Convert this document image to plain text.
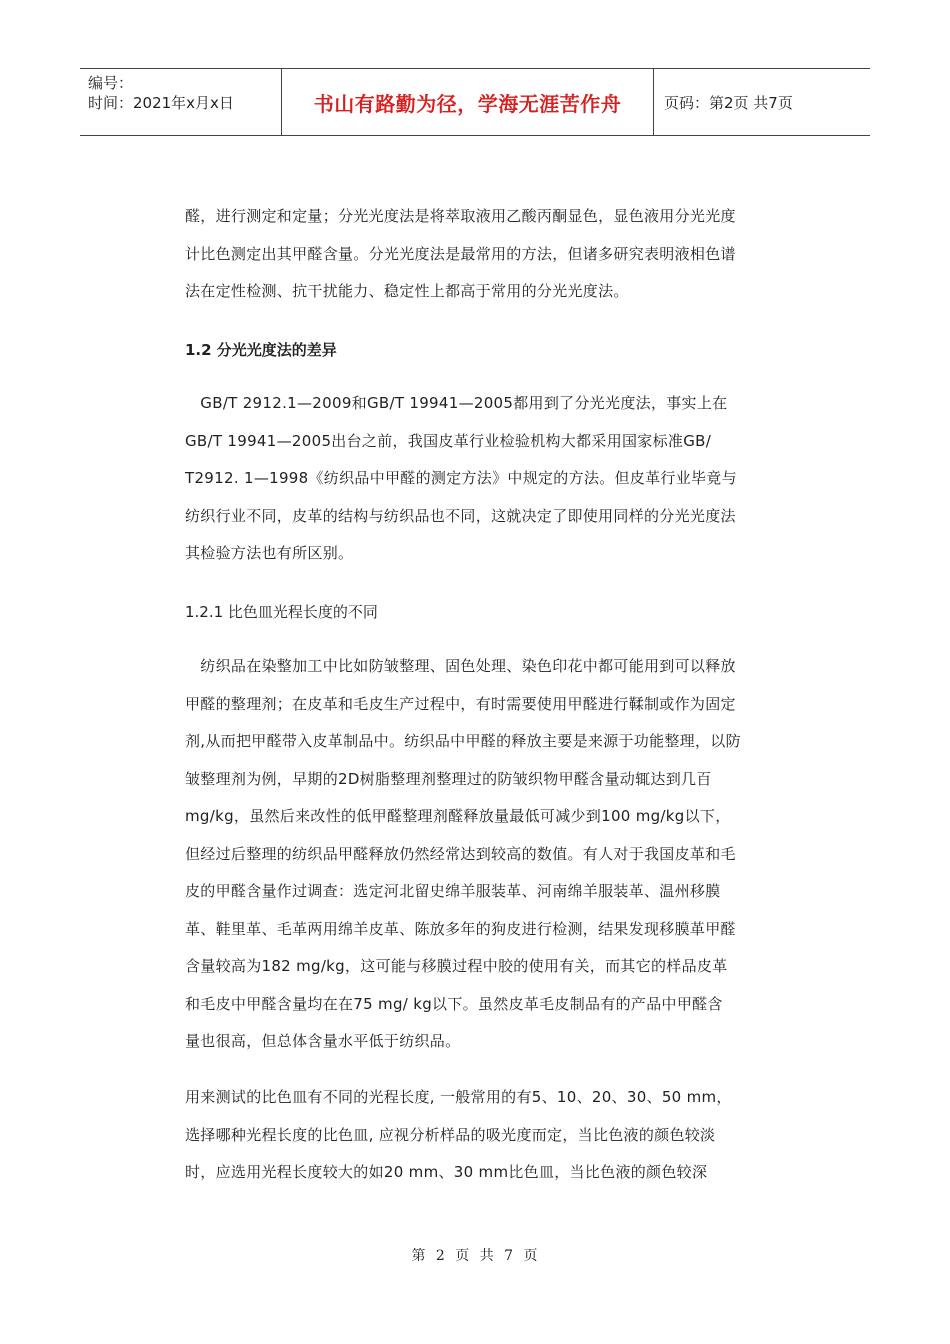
编号：
时间：2021年x月x日	书山有路勤为径，学海无涯苦作舟	页码：第2页 共7页
醛，进行测定和定量；分光光度法是将萃取液用乙酸丙酮显色，显色液用分光光度
计比色测定出其甲醛含量。分光光度法是最常用的方法，但诸多研究表明液相色谱
法在定性检测、抗干扰能力、稳定性上都高于常用的分光光度法。
1.2 分光光度法的差异
　GB/T 2912.1—2009和GB/T 19941—2005都用到了分光光度法，事实上在
GB/T 19941—2005出台之前，我国皮革行业检验机构大都采用国家标准GB/
T2912. 1—1998《纺织品中甲醛的测定方法》中规定的方法。但皮革行业毕竟与
纺织行业不同，皮革的结构与纺织品也不同，这就决定了即使用同样的分光光度法
其检验方法也有所区别。
1.2.1 比色皿光程长度的不同
　纺织品在染整加工中比如防皱整理、固色处理、染色印花中都可能用到可以释放
甲醛的整理剂；在皮革和毛皮生产过程中，有时需要使用甲醛进行鞣制或作为固定
剂,从而把甲醛带入皮革制品中。纺织品中甲醛的释放主要是来源于功能整理，以防
皱整理剂为例，早期的2D树脂整理剂整理过的防皱织物甲醛含量动辄达到几百
mg/kg，虽然后来改性的低甲醛整理剂醛释放量最低可减少到100 mg/kg以下，
但经过后整理的纺织品甲醛释放仍然经常达到较高的数值。有人对于我国皮革和毛
皮的甲醛含量作过调查：选定河北留史绵羊服装革、河南绵羊服装革、温州移膜
革、鞋里革、毛革两用绵羊皮革、陈放多年的狗皮进行检测，结果发现移膜革甲醛
含量较高为182 mg/kg，这可能与移膜过程中胶的使用有关，而其它的样品皮革
和毛皮中甲醛含量均在在75 mg/ kg以下。虽然皮革毛皮制品有的产品中甲醛含
量也很高，但总体含量水平低于纺织品。
用来测试的比色皿有不同的光程长度, 一般常用的有5、10、20、30、50 mm，
选择哪种光程长度的比色皿, 应视分析样品的吸光度而定，当比色液的颜色较淡
时，应选用光程长度较大的如20 mm、30 mm比色皿，当比色液的颜色较深
第 2 页 共 7 页
